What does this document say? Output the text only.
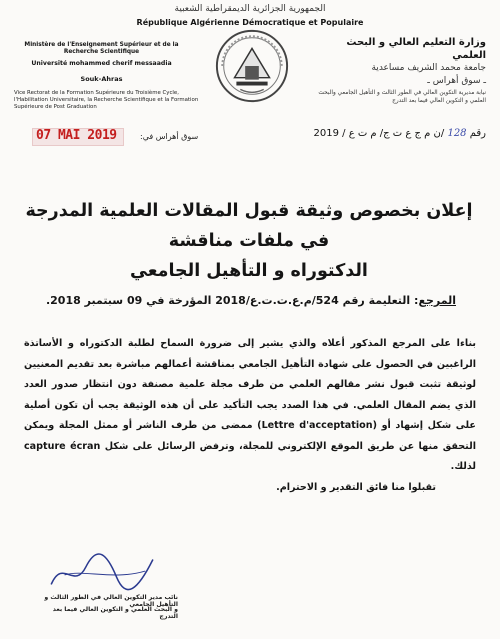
الجمهورية الجزائرية الديمقراطية الشعبية
République Algérienne Démocratique et Populaire
Ministère de l'Enseignement Supérieur et de la Recherche Scientifique
Université mohammed cherif messaadia
Souk-Ahras
Vice Rectorat de la Formation Supérieure du Troisième Cycle, l'Habilitation Universitaire, la Recherche Scientifique et la Formation Supérieure de Post Graduation
وزارة التعليم العالي و البحث العلمي
جامعة محمد الشريف مساعدية
ـ سوق أهراس ـ
نيابة مديرية التكوين العالي في الطور الثالث و التأهيل الجامعي والبحث العلمي و التكوين العالي فيما بعد التدرج
07 MAI 2019	سوق أهراس في:	رقم 128 /ن م ج ع ت ج/ م ت ع / 2019
إعلان بخصوص وثيقة قبول المقالات العلمية المدرجة في ملفات مناقشة
الدكتوراه و التأهيل الجامعي
المرجع: التعليمة رقم 524/م.ع.ت.ت.ع/2018 المؤرخة في 09 سبتمبر 2018.
بناءا على المرجع المذكور أعلاه والذي يشير إلى ضرورة السماح لطلبة الدكتوراه و الأساتذة الراغبين في الحصول على شهادة التأهيل الجامعي بمناقشة أعمالهم مباشرة بعد تقديم المعنيين لوثيقة تثبت قبول نشر مقالهم العلمي من طرف مجلة علمية مصنفة دون انتظار صدور العدد الذي يضم المقال العلمي. في هذا الصدد يجب التأكيد على أن هذه الوثيقة يجب أن تكون أصلية على شكل إشهاد أو (Lettre d'acceptation) ممضى من طرف الناشر أو ممثل المجلة ويمكن التحقق منها عن طريق الموقع الإلكتروني للمجلة، وترفض الرسائل على شكل capture écran لذلك.
تقبلوا منا فائق التقدير و الاحترام.
نائب مدير التكوين العالي في الطور الثالث و التأهيل الجامعي
و البحث العلمي و التكوين العالي فيما بعد التدرج
